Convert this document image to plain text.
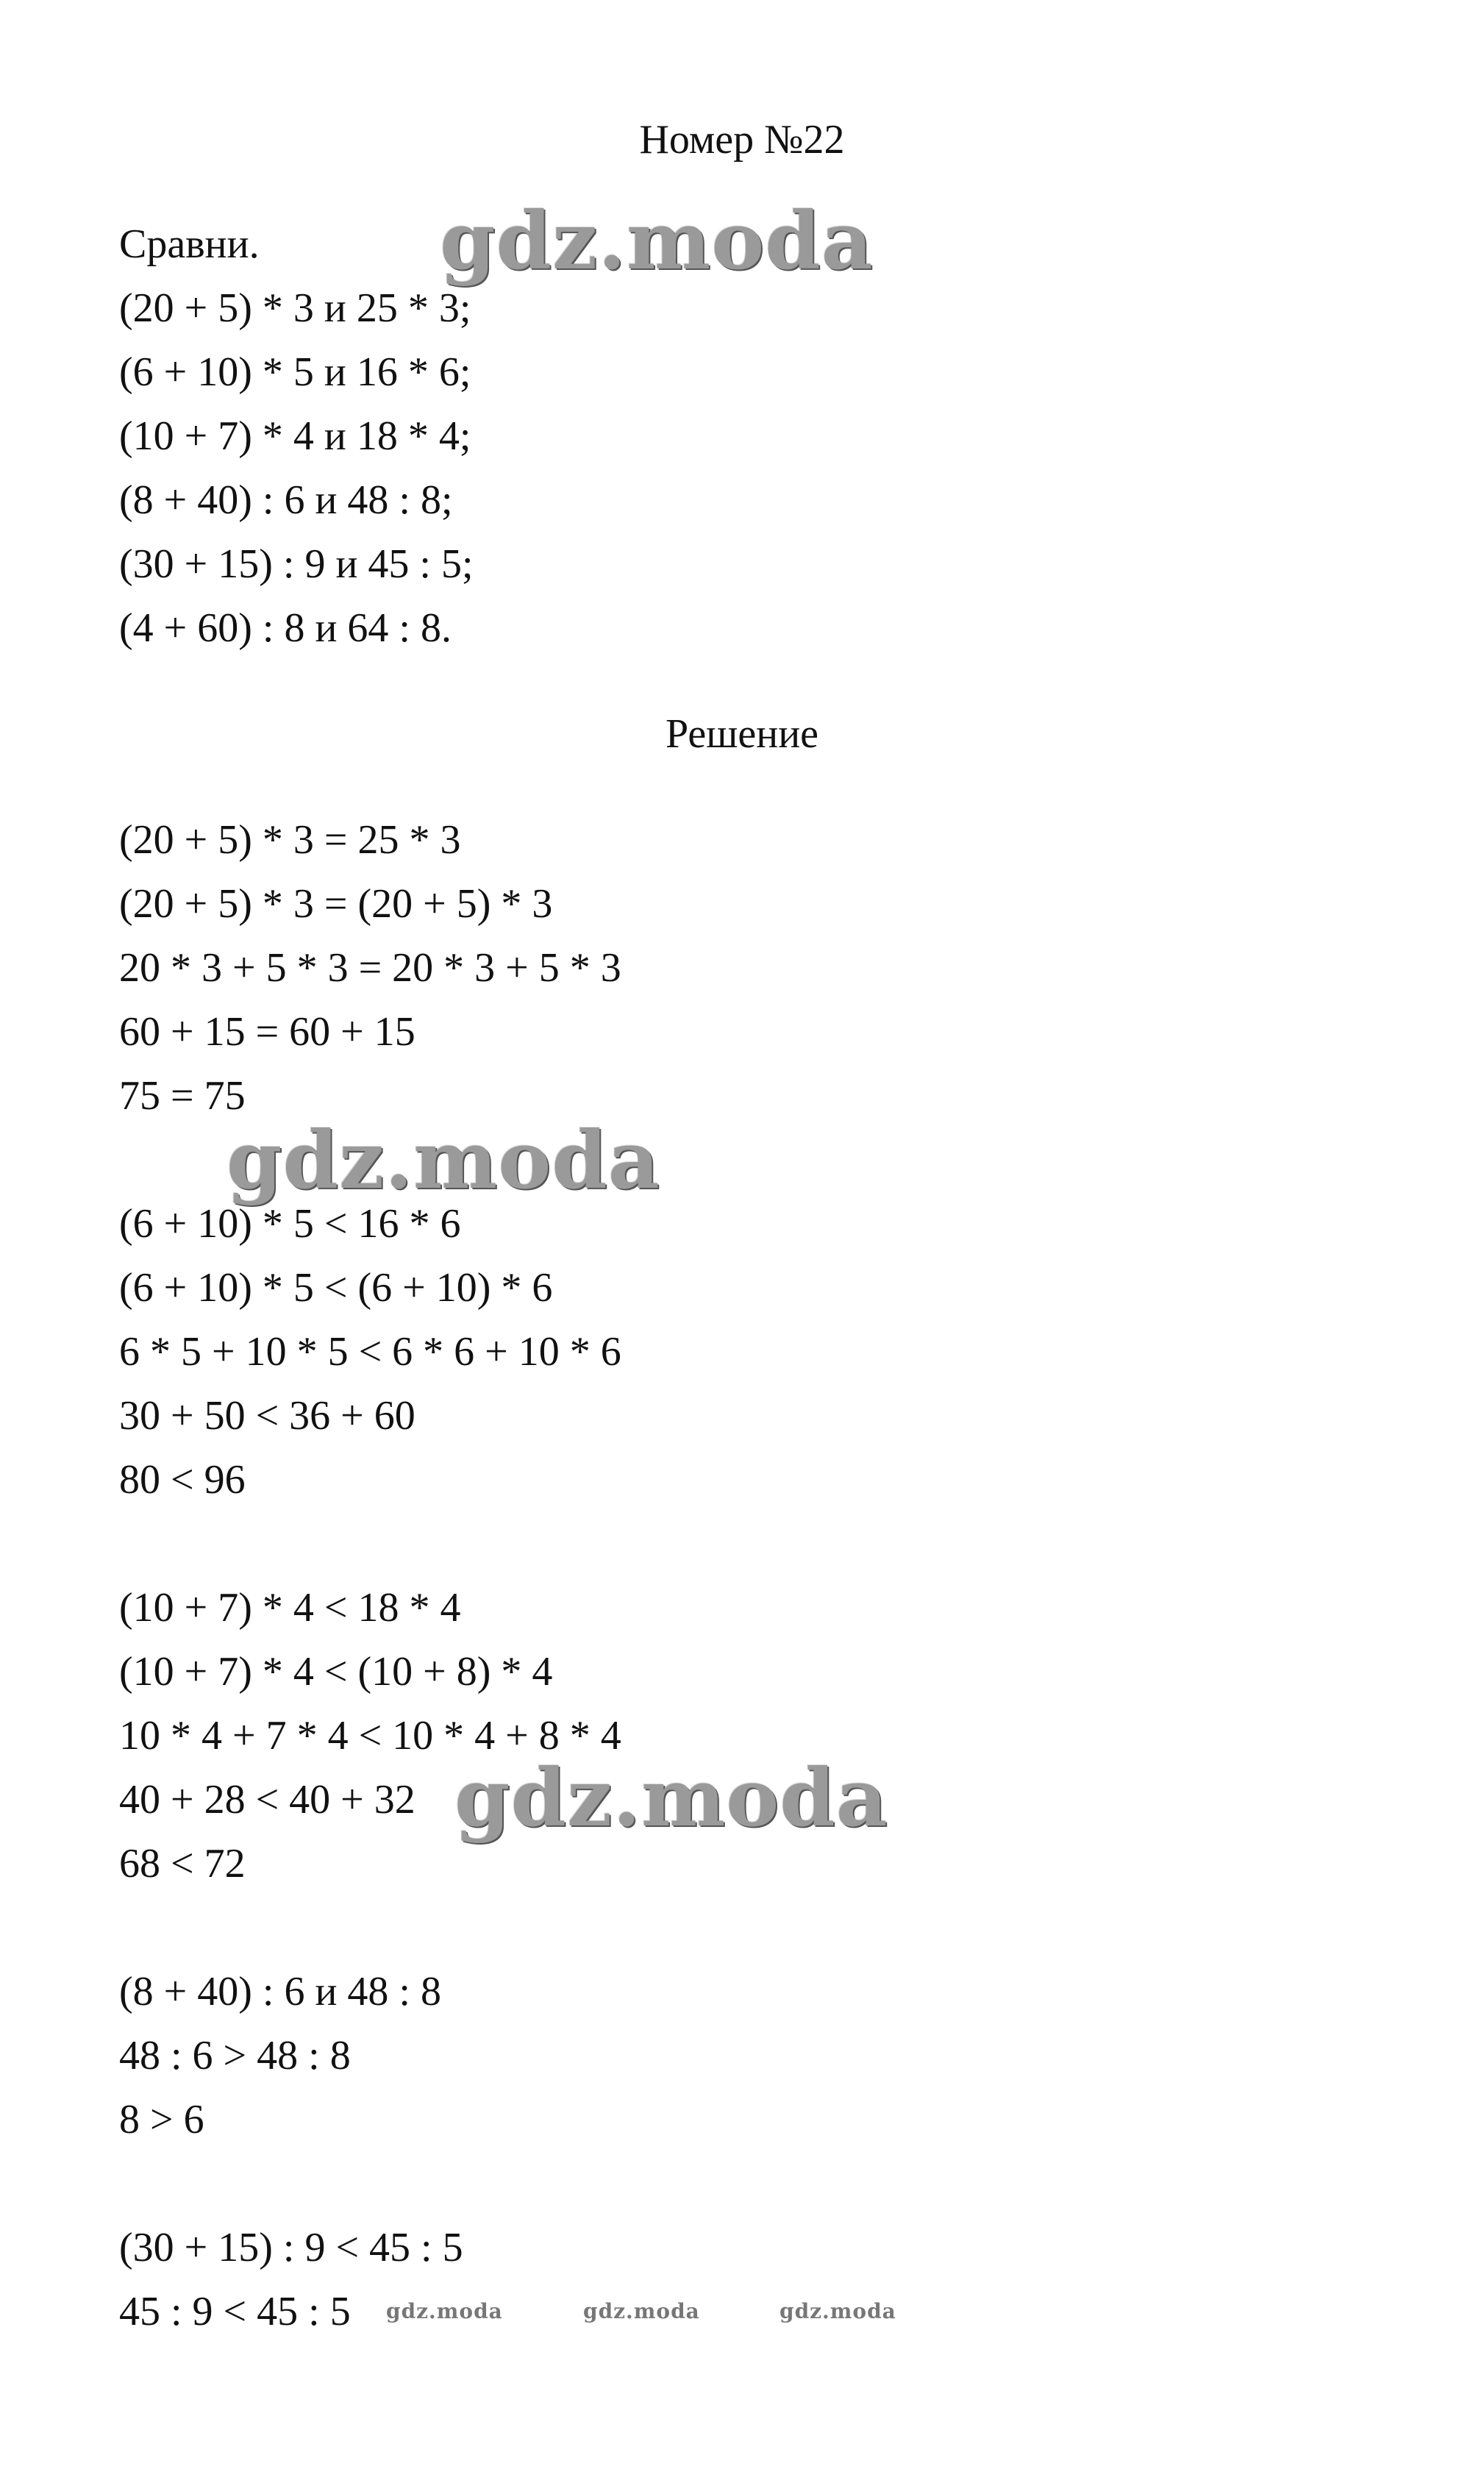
Номер №22
Сравни.
(20 + 5) * 3 и 25 * 3;
(6 + 10) * 5 и 16 * 6;
(10 + 7) * 4 и 18 * 4;
(8 + 40) : 6 и 48 : 8;
(30 + 15) : 9 и 45 : 5;
(4 + 60) : 8 и 64 : 8.
Решение
(20 + 5) * 3 = 25 * 3
(20 + 5) * 3 = (20 + 5) * 3
20 * 3 + 5 * 3 = 20 * 3 + 5 * 3
60 + 15 = 60 + 15
75 = 75
(6 + 10) * 5 < 16 * 6
(6 + 10) * 5 < (6 + 10) * 6
6 * 5 + 10 * 5 < 6 * 6 + 10 * 6
30 + 50 < 36 + 60
80 < 96
(10 + 7) * 4 < 18 * 4
(10 + 7) * 4 < (10 + 8) * 4
10 * 4 + 7 * 4 < 10 * 4 + 8 * 4
40 + 28 < 40 + 32
68 < 72
(8 + 40) : 6 и 48 : 8
48 : 6 > 48 : 8
8 > 6
(30 + 15) : 9 < 45 : 5
45 : 9 < 45 : 5
gdz.moda
gdz.moda
gdz.moda
gdz.moda	gdz.moda	gdz.moda
